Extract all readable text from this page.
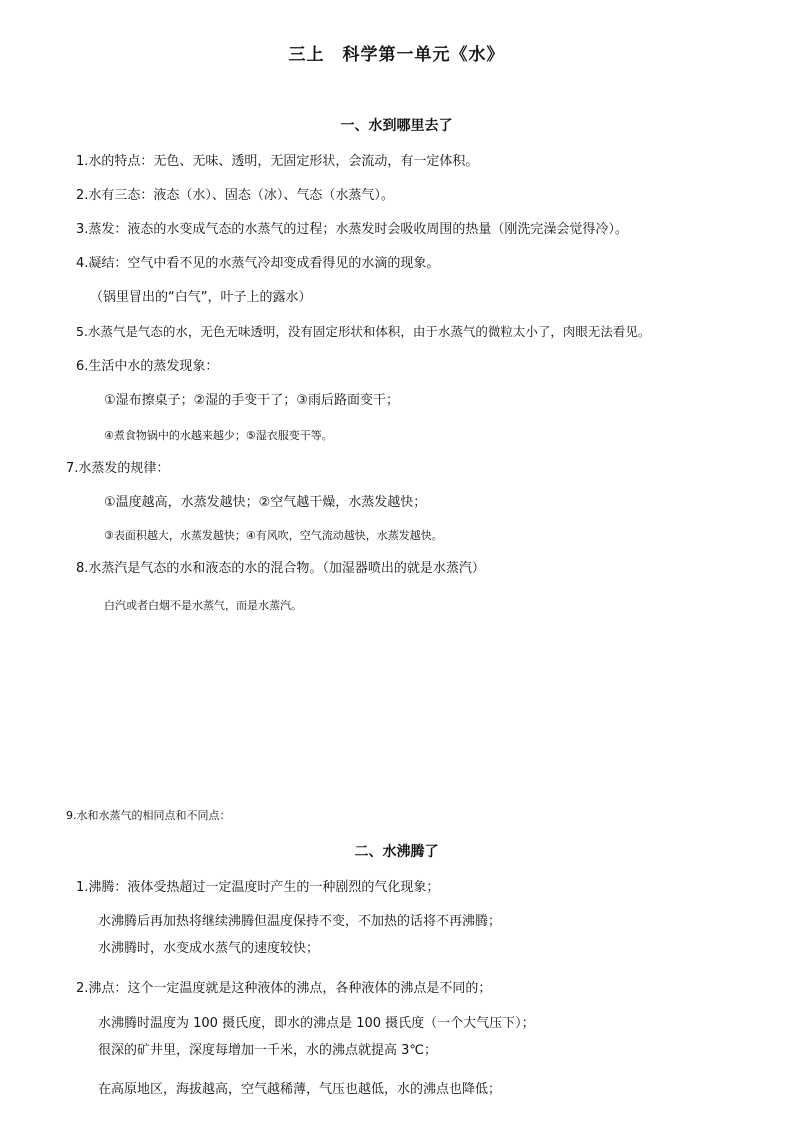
三上　科学第一单元《水》
一、水到哪里去了
1.水的特点：无色、无味、透明，无固定形状，会流动，有一定体积。
2.水有三态：液态（水）、固态（冰）、气态（水蒸气）。
3.蒸发：液态的水变成气态的水蒸气的过程；水蒸发时会吸收周围的热量（刚洗完澡会觉得冷）。
4.凝结：空气中看不见的水蒸气冷却变成看得见的水滴的现象。
（锅里冒出的“白气”，叶子上的露水）
5.水蒸气是气态的水，无色无味透明，没有固定形状和体积，由于水蒸气的微粒太小了，肉眼无法看见。
6.生活中水的蒸发现象：
①湿布擦桌子；②湿的手变干了；③雨后路面变干；
④煮食物锅中的水越来越少；⑤湿衣服变干等。
7.水蒸发的规律：
①温度越高，水蒸发越快；②空气越干燥，水蒸发越快；
③表面积越大，水蒸发越快；④有风吹，空气流动越快，水蒸发越快。
8.水蒸汽是气态的水和液态的水的混合物。（加湿器喷出的就是水蒸汽）
白汽或者白烟不是水蒸气，而是水蒸汽。
9.水和水蒸气的相同点和不同点：
二、水沸腾了
1.沸腾：液体受热超过一定温度时产生的一种剧烈的气化现象；
水沸腾后再加热将继续沸腾但温度保持不变，不加热的话将不再沸腾；
水沸腾时，水变成水蒸气的速度较快；
2.沸点：这个一定温度就是这种液体的沸点，各种液体的沸点是不同的；
水沸腾时温度为 100 摄氏度，即水的沸点是 100 摄氏度（一个大气压下）；
很深的矿井里，深度每增加一千米，水的沸点就提高 3℃；
在高原地区，海拔越高，空气越稀薄，气压也越低，水的沸点也降低；
